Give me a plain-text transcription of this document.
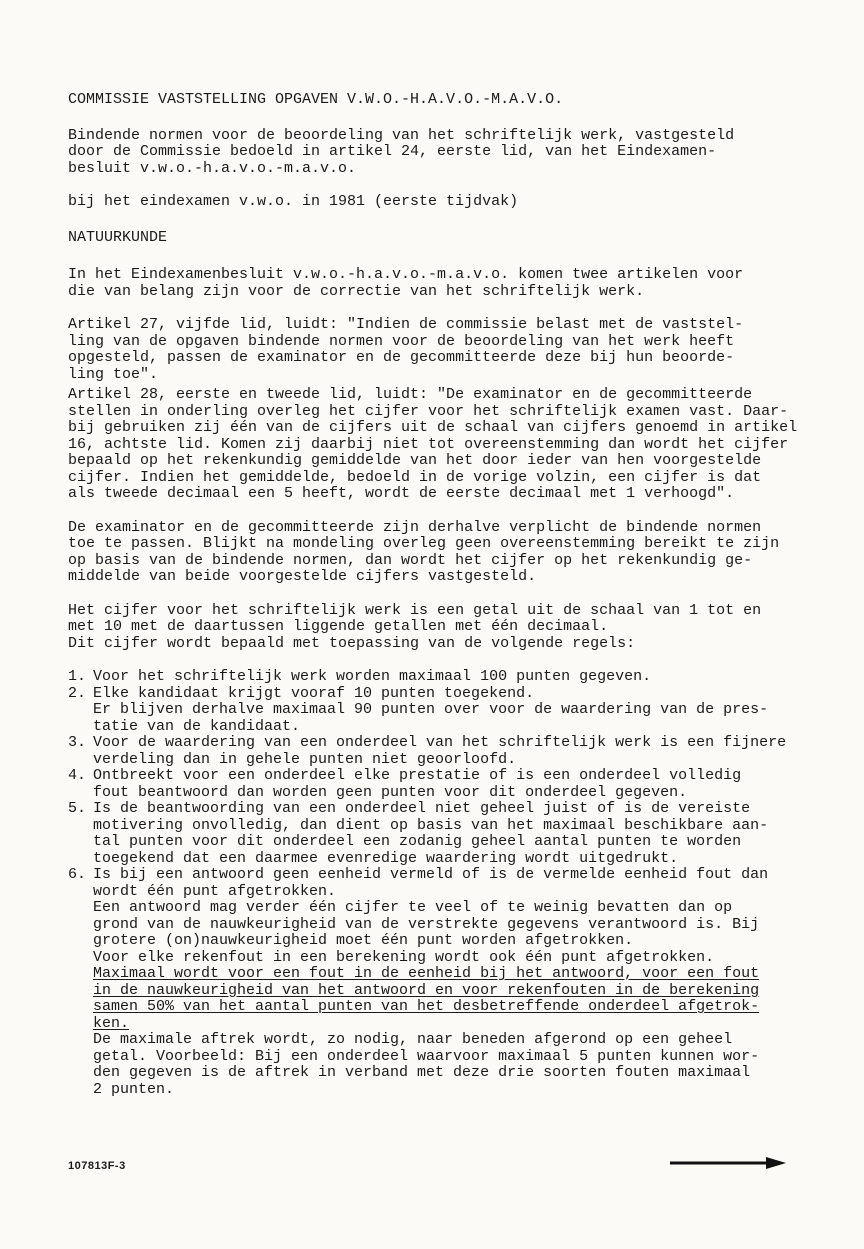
COMMISSIE VASTSTELLING OPGAVEN V.W.O.-H.A.V.O.-M.A.V.O.

Bindende normen voor de beoordeling van het schriftelijk werk, vastgesteld

door de Commissie bedoeld in artikel 24, eerste lid, van het Eindexamen-

besluit v.w.o.-h.a.v.o.-m.a.v.o.

bij het eindexamen v.w.o. in 1981 (eerste tijdvak)

NATUURKUNDE

In het Eindexamenbesluit v.w.o.-h.a.v.o.-m.a.v.o. komen twee artikelen voor

die van belang zijn voor de correctie van het schriftelijk werk.

Artikel 27, vijfde lid, luidt: "Indien de commissie belast met de vaststel-

ling van de opgaven bindende normen voor de beoordeling van het werk heeft

opgesteld, passen de examinator en de gecommitteerde deze bij hun beoorde-

ling toe".

Artikel 28, eerste en tweede lid, luidt: "De examinator en de gecommitteerde

stellen in onderling overleg het cijfer voor het schriftelijk examen vast. Daar-

bij gebruiken zij één van de cijfers uit de schaal van cijfers genoemd in artikel

16, achtste lid. Komen zij daarbij niet tot overeenstemming dan wordt het cijfer

bepaald op het rekenkundig gemiddelde van het door ieder van hen voorgestelde

cijfer. Indien het gemiddelde, bedoeld in de vorige volzin, een cijfer is dat

als tweede decimaal een 5 heeft, wordt de eerste decimaal met 1 verhoogd".

De examinator en de gecommitteerde zijn derhalve verplicht de bindende normen

toe te passen. Blijkt na mondeling overleg geen overeenstemming bereikt te zijn

op basis van de bindende normen, dan wordt het cijfer op het rekenkundig ge-

middelde van beide voorgestelde cijfers vastgesteld.

Het cijfer voor het schriftelijk werk is een getal uit de schaal van 1 tot en

met 10 met de daartussen liggende getallen met één decimaal.

Dit cijfer wordt bepaald met toepassing van de volgende regels:

1. Voor het schriftelijk werk worden maximaal 100 punten gegeven.

2. Elke kandidaat krijgt vooraf 10 punten toegekend.

Er blijven derhalve maximaal 90 punten over voor de waardering van de pres-

tatie van de kandidaat.

3. Voor de waardering van een onderdeel van het schriftelijk werk is een fijnere

verdeling dan in gehele punten niet geoorloofd.

4. Ontbreekt voor een onderdeel elke prestatie of is een onderdeel volledig

fout beantwoord dan worden geen punten voor dit onderdeel gegeven.

5. Is de beantwoording van een onderdeel niet geheel juist of is de vereiste

motivering onvolledig, dan dient op basis van het maximaal beschikbare aan-

tal punten voor dit onderdeel een zodanig geheel aantal punten te worden

toegekend dat een daarmee evenredige waardering wordt uitgedrukt.

6. Is bij een antwoord geen eenheid vermeld of is de vermelde eenheid fout dan

wordt één punt afgetrokken.

Een antwoord mag verder één cijfer te veel of te weinig bevatten dan op

grond van de nauwkeurigheid van de verstrekte gegevens verantwoord is. Bij

grotere (on)nauwkeurigheid moet één punt worden afgetrokken.

Voor elke rekenfout in een berekening wordt ook één punt afgetrokken.

Maximaal wordt voor een fout in de eenheid bij het antwoord, voor een fout

in de nauwkeurigheid van het antwoord en voor rekenfouten in de berekening

samen 50% van het aantal punten van het desbetreffende onderdeel afgetrok-

ken.

De maximale aftrek wordt, zo nodig, naar beneden afgerond op een geheel

getal. Voorbeeld: Bij een onderdeel waarvoor maximaal 5 punten kunnen wor-

den gegeven is de aftrek in verband met deze drie soorten fouten maximaal

2 punten.

107813F-3
